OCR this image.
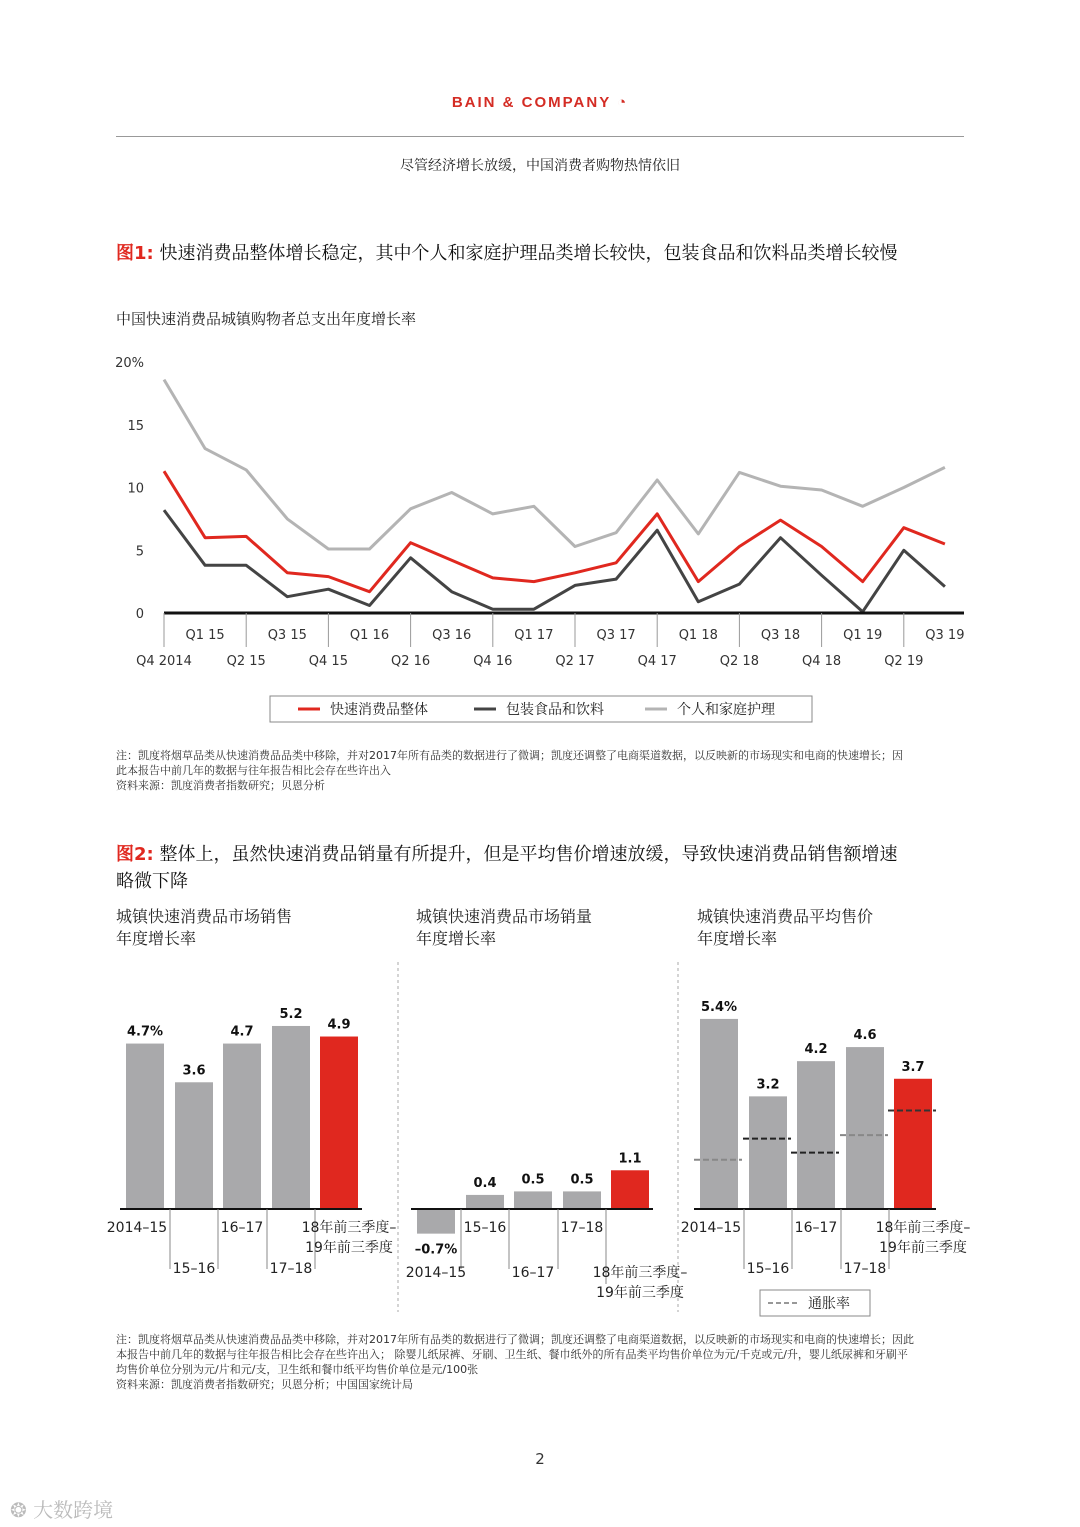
BAIN & COMPANY ◔
尽管经济增长放缓，中国消费者购物热情依旧
图1: 快速消费品整体增长稳定，其中个人和家庭护理品类增长较快，包装食品和饮料品类增长较慢
中国快速消费品城镇购物者总支出年度增长率
20%
15
10
5
0
Q1 15	Q3 15	Q1 16	Q3 16	Q1 17	Q3 17	Q1 18	Q3 18	Q1 19	Q3 19
Q4 2014	Q2 15	Q4 15	Q2 16	Q4 16	Q2 17	Q4 17	Q2 18	Q4 18	Q2 19
快速消费品整体	包装食品和饮料	个人和家庭护理
注：凯度将烟草品类从快速消费品品类中移除，并对2017年所有品类的数据进行了微调；凯度还调整了电商渠道数据，以反映新的市场现实和电商的快速增长；因
此本报告中前几年的数据与往年报告相比会存在些许出入
资料来源：凯度消费者指数研究；贝恩分析
图2: 整体上，虽然快速消费品销量有所提升，但是平均售价增速放缓，导致快速消费品销售额增速
略微下降
城镇快速消费品市场销售
年度增长率
城镇快速消费品市场销量
年度增长率
城镇快速消费品平均售价
年度增长率
4.7%
3.6
4.7
5.2
4.9
2014–15
15–16
16–17
17–18
18年前三季度–
19年前三季度 –0.7%
0.4 0.5 0.5
1.1
2014–15
15–16
16–17
17–18
18年前三季度–
19年前三季度
5.4%
3.2
4.2
4.6
3.7
2014–15
15–16
16–17
17–18
18年前三季度–
19年前三季度
通胀率
注：凯度将烟草品类从快速消费品品类中移除，并对2017年所有品类的数据进行了微调；凯度还调整了电商渠道数据，以反映新的市场现实和电商的快速增长；因此
本报告中前几年的数据与往年报告相比会存在些许出入； 除婴儿纸尿裤、牙刷、卫生纸、餐巾纸外的所有品类平均售价单位为元/千克或元/升，婴儿纸尿裤和牙刷平
均售价单位分别为元/片和元/支，卫生纸和餐巾纸平均售价单位是元/100张
资料来源：凯度消费者指数研究；贝恩分析；中国国家统计局
2
❂ 大数跨境
